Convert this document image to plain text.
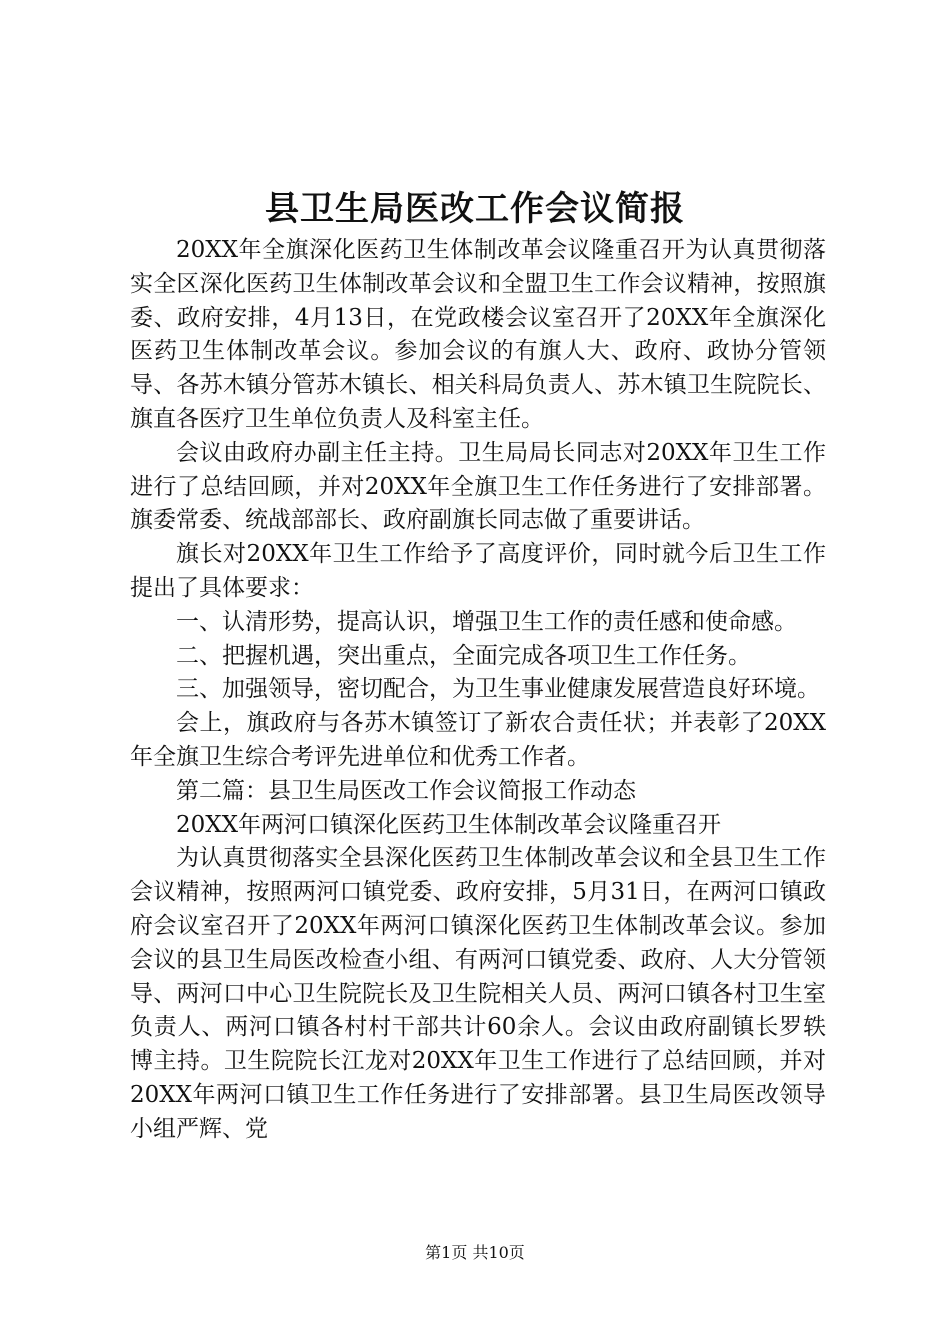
县卫生局医改工作会议简报

20XX年全旗深化医药卫生体制改革会议隆重召开为认真贯彻落实全区深化医药卫生体制改革会议和全盟卫生工作会议精神，按照旗委、政府安排，4月13日，在党政楼会议室召开了20XX年全旗深化医药卫生体制改革会议。参加会议的有旗人大、政府、政协分管领导、各苏木镇分管苏木镇长、相关科局负责人、苏木镇卫生院院长、旗直各医疗卫生单位负责人及科室主任。

会议由政府办副主任主持。卫生局局长同志对20XX年卫生工作进行了总结回顾，并对20XX年全旗卫生工作任务进行了安排部署。旗委常委、统战部部长、政府副旗长同志做了重要讲话。

旗长对20XX年卫生工作给予了高度评价，同时就今后卫生工作提出了具体要求：

一、认清形势，提高认识，增强卫生工作的责任感和使命感。

二、把握机遇，突出重点，全面完成各项卫生工作任务。

三、加强领导，密切配合，为卫生事业健康发展营造良好环境。

会上，旗政府与各苏木镇签订了新农合责任状；并表彰了20XX年全旗卫生综合考评先进单位和优秀工作者。

第二篇：县卫生局医改工作会议简报工作动态

20XX年两河口镇深化医药卫生体制改革会议隆重召开

为认真贯彻落实全县深化医药卫生体制改革会议和全县卫生工作会议精神，按照两河口镇党委、政府安排，5月31日，在两河口镇政府会议室召开了20XX年两河口镇深化医药卫生体制改革会议。参加会议的县卫生局医改检查小组、有两河口镇党委、政府、人大分管领导、两河口中心卫生院院长及卫生院相关人员、两河口镇各村卫生室负责人、两河口镇各村村干部共计60余人。会议由政府副镇长罗轶博主持。卫生院院长江龙对20XX年卫生工作进行了总结回顾，并对20XX年两河口镇卫生工作任务进行了安排部署。县卫生局医改领导小组严辉、党

第1页 共10页
